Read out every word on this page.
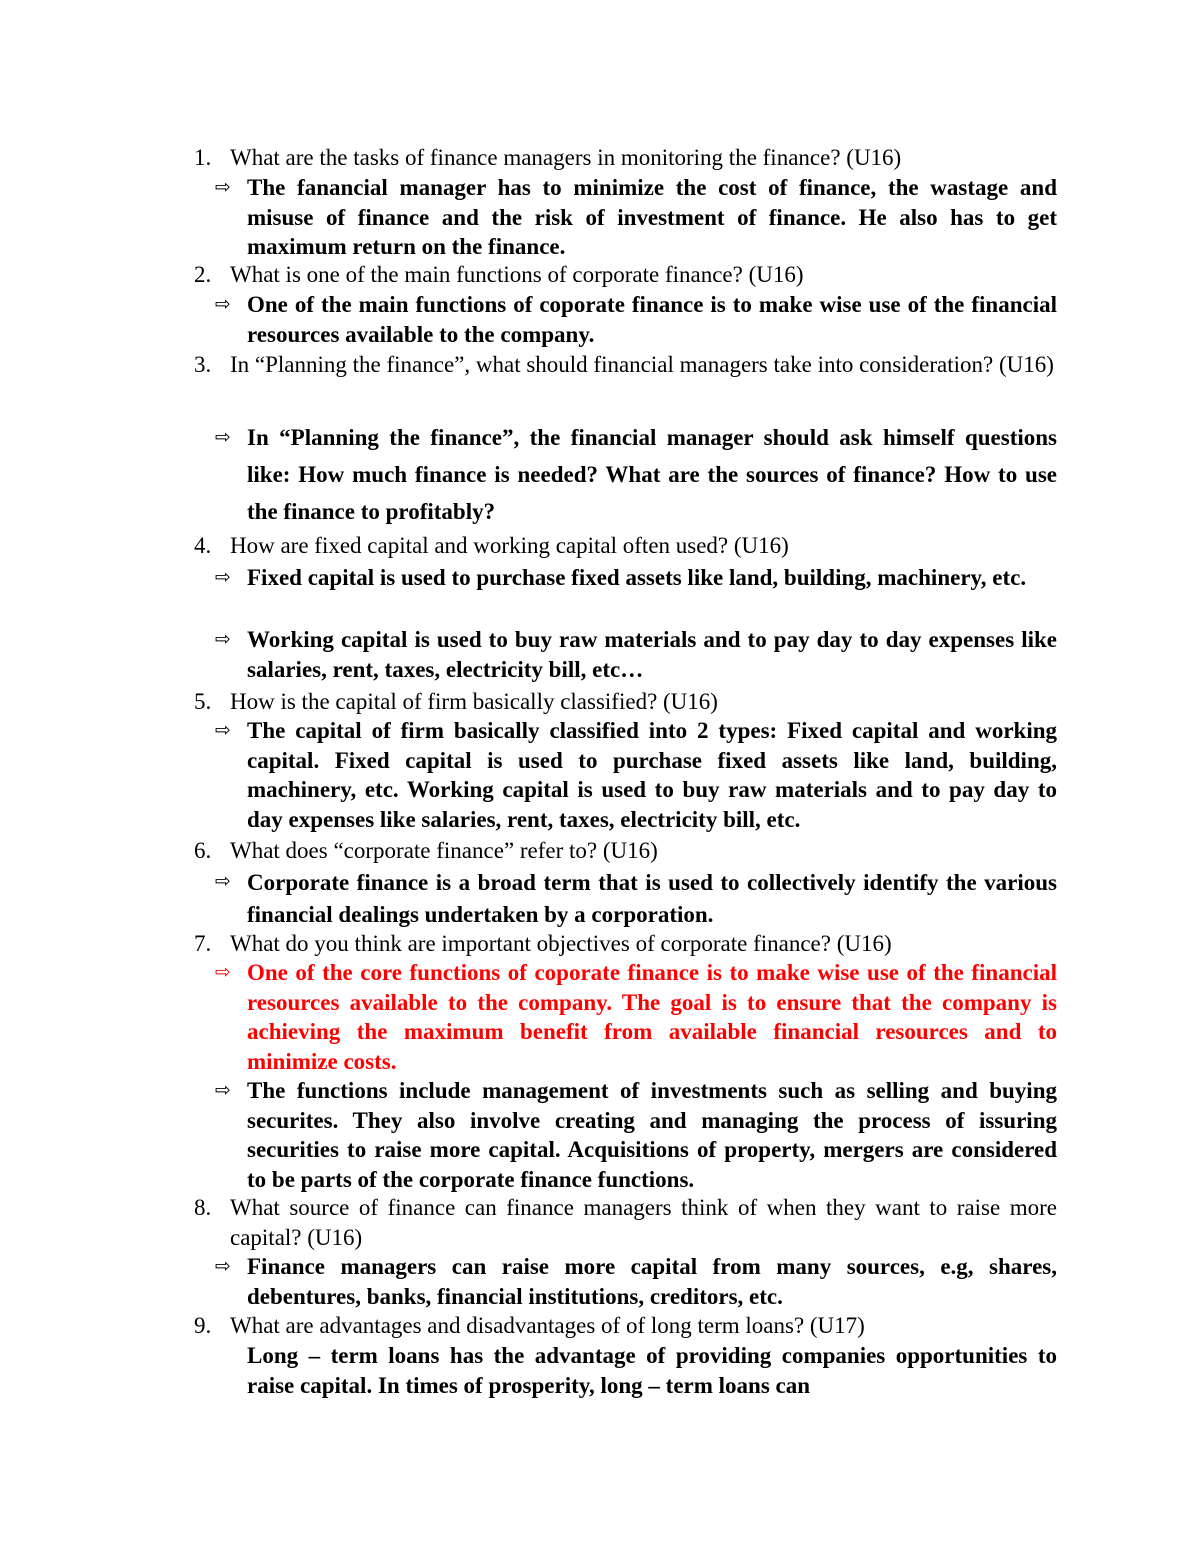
1. What are the tasks of finance managers in monitoring the finance? (U16)
⇨ The fanancial manager has to minimize the cost of finance, the wastage and misuse of finance and the risk of investment of finance. He also has to get maximum return on the finance.
2. What is one of the main functions of corporate finance? (U16)
⇨ One of the main functions of coporate finance is to make wise use of the financial resources available to the company.
3. In “Planning the finance”, what should financial managers take into consideration? (U16)
⇨ In “Planning the finance”, the financial manager should ask himself questions like: How much finance is needed? What are the sources of finance? How to use the finance to profitably?
4. How are fixed capital and working capital often used? (U16)
⇨ Fixed capital is used to purchase fixed assets like land, building, machinery, etc.
⇨ Working capital is used to buy raw materials and to pay day to day expenses like salaries, rent, taxes, electricity bill, etc…
5. How is the capital of firm basically classified? (U16)
⇨ The capital of firm basically classified into 2 types: Fixed capital and working capital. Fixed capital is used to purchase fixed assets like land, building, machinery, etc. Working capital is used to buy raw materials and to pay day to day expenses like salaries, rent, taxes, electricity bill, etc.
6. What does “corporate finance” refer to? (U16)
⇨ Corporate finance is a broad term that is used to collectively identify the various financial dealings undertaken by a corporation.
7. What do you think are important objectives of corporate finance? (U16)
⇨ One of the core functions of coporate finance is to make wise use of the financial resources available to the company. The goal is to ensure that the company is achieving the maximum benefit from available financial resources and to minimize costs.
⇨ The functions include management of investments such as selling and buying securites. They also involve creating and managing the process of issuring securities to raise more capital. Acquisitions of property, mergers are considered to be parts of the corporate finance functions.
8. What source of finance can finance managers think of when they want to raise more capital? (U16)
⇨ Finance managers can raise more capital from many sources, e.g, shares, debentures, banks, financial institutions, creditors, etc.
9. What are advantages and disadvantages of of long term loans? (U17)
Long – term loans has the advantage of providing companies opportunities to raise capital. In times of prosperity, long – term loans can
